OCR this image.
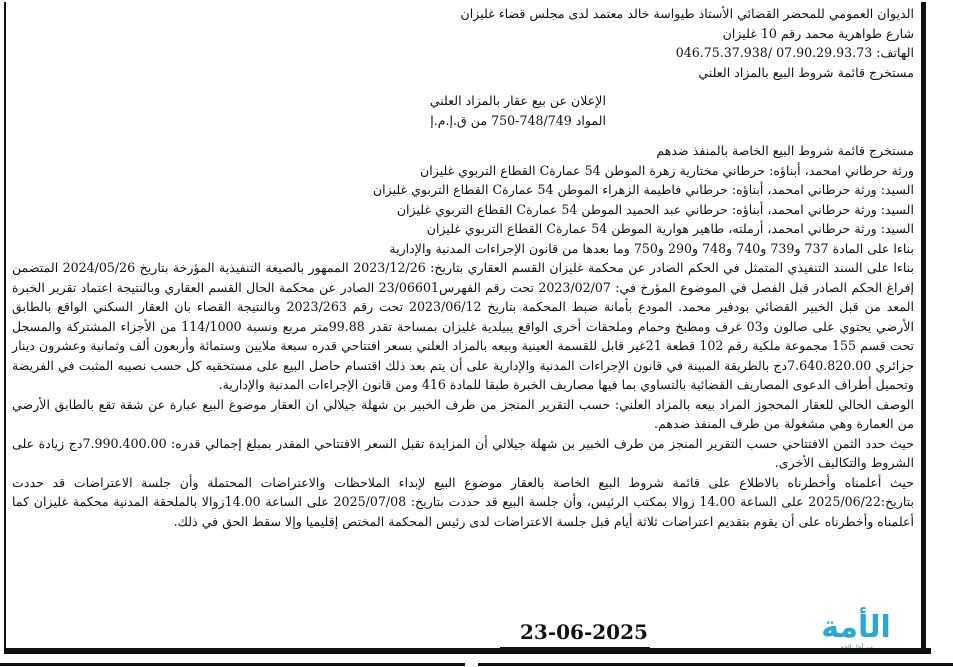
الديوان العمومي للمحضر القضائي الأستاذ طيواسة خالد معتمد لدى مجلس قضاء غليزان

شارع طواهرية محمد رقم 10 غليزان

الهاتف: 07.90.29.93.73 /046.75.37.938

مستخرج قائمة شروط البيع بالمزاد العلني

مستخرج قائمة شروط البيع الخاصة بالمنفذ ضدهم

ورثة حرطاني امحمد، أبناؤه: حرطاني مختارية زهرة الموطن 54 عمارةC القطاع التربوي غليزان

السيد: ورثة حرطاني امحمد، أبناؤه: حرطاني فاطيمة الزهراء الموطن 54 عمارةC القطاع التربوي غليزان

السيد: ورثة حرطاني امحمد، أبناؤه: حرطاني عبد الحميد الموطن 54 عمارةC القطاع التربوي غليزان

السيد: ورثة حرطاني امحمد، أرملته، طاهير هوارية الموطن 54 عمارةC القطاع التربوي غليزان

بناءا على المادة 737 و739 و740 و748 و290 و750 وما بعدها من قانون الإجراءات المدنية والإدارية

بناءا على السند التنفيذي المتمثل في الحكم الصادر عن محكمة غليزان القسم العقاري بتاريخ: 2023/12/26 الممهور بالصيغة التنفيذية المؤرخة بتاريخ 2024/05/26 المتضمن إفراغ الحكم الصادر قبل الفصل في الموضوع المؤرخ في: 2023/02/07 تحت رقم الفهرس23/06601 الصادر عن محكمة الحال القسم العقاري وبالنتيجة اعتماد تقرير الخبرة المعد من قبل الخبير القضائي بودفير محمد. المودع بأمانة ضبط المحكمة بتاريخ 2023/06/12 تحت رقم 2023/263 وبالنتيجة القضاء بان العقار السكني الواقع بالطابق الأرضي يحتوي على صالون و03 غرف ومطبخ وحمام وملحقات أخرى الواقع يبيلدية غليزان بمساحة تقدر 99.88متر مربع ونسبة 114/1000 من الأجزاء المشتركة والمسجل تحت قسم 155 مجموعة ملكية رقم 102 قطعة 21غير قابل للقسمة العينية وبيعه بالمزاد العلني بسعر افتتاحي قدره سبعة ملايين وستمائة وأربعون ألف وثمانية وعشرون دينار جزائري 7.640.820.00دج بالطريقة المبينة في قانون الإجراءات المدنية والإدارية على أن يتم بعد ذلك اقتسام حاصل البيع على مستحقيه كل حسب نصيبه المثبت في الفريضة وتحميل أطراف الدعوى المصاريف القضائية بالتساوي بما فيها مصاريف الخبرة طبقا للمادة 416 ومن قانون الإجراءات المدنية والإدارية.

الوصف الحالي للعقار المحجوز المراد بيعه بالمزاد العلني: حسب التقرير المنجز من طرف الخبير بن شهلة جيلالي ان العقار موضوع البيع عبارة عن شقة تقع بالطابق الأرضي من العمارة وهي مشغولة من طرف المنفذ ضدهم.

حيث حدد الثمن الافتتاحي حسب التقرير المنجز من طرف الخبير بن شهلة جيلالي أن المزايدة تقبل السعر الافتتاحي المقدر بمبلغ إجمالي قدره: 7.990.400.00دج زيادة على الشروط والتكاليف الأخرى.

حيث أعلمناه وأخطرناه بالاطلاع على قائمة شروط البيع الخاصة بالعقار موضوع البيع لإبداء الملاحظات والاعتراضات المحتملة وأن جلسة الاعتراضات قد حددت بتاريخ:2025/06/22 على الساعة 14.00 زوالا بمكتب الرئيس، وأن جلسة البيع قد حددت بتاريخ: 2025/07/08 على الساعة 14.00زوالا بالملحقة المدنية محكمة غليزان كما أعلمناه وأخطرناه على أن يقوم بتقديم اعتراضات ثلاثة أيام قبل جلسة الاعتراضات لدى رئيس المحكمة المختص إقليميا وإلا سقط الحق في ذلك.

الإعلان عن بيع عقار بالمزاد العلني

المواد 748/749-750 من ق.إ.م.إ

23-06-2025	الأمة
